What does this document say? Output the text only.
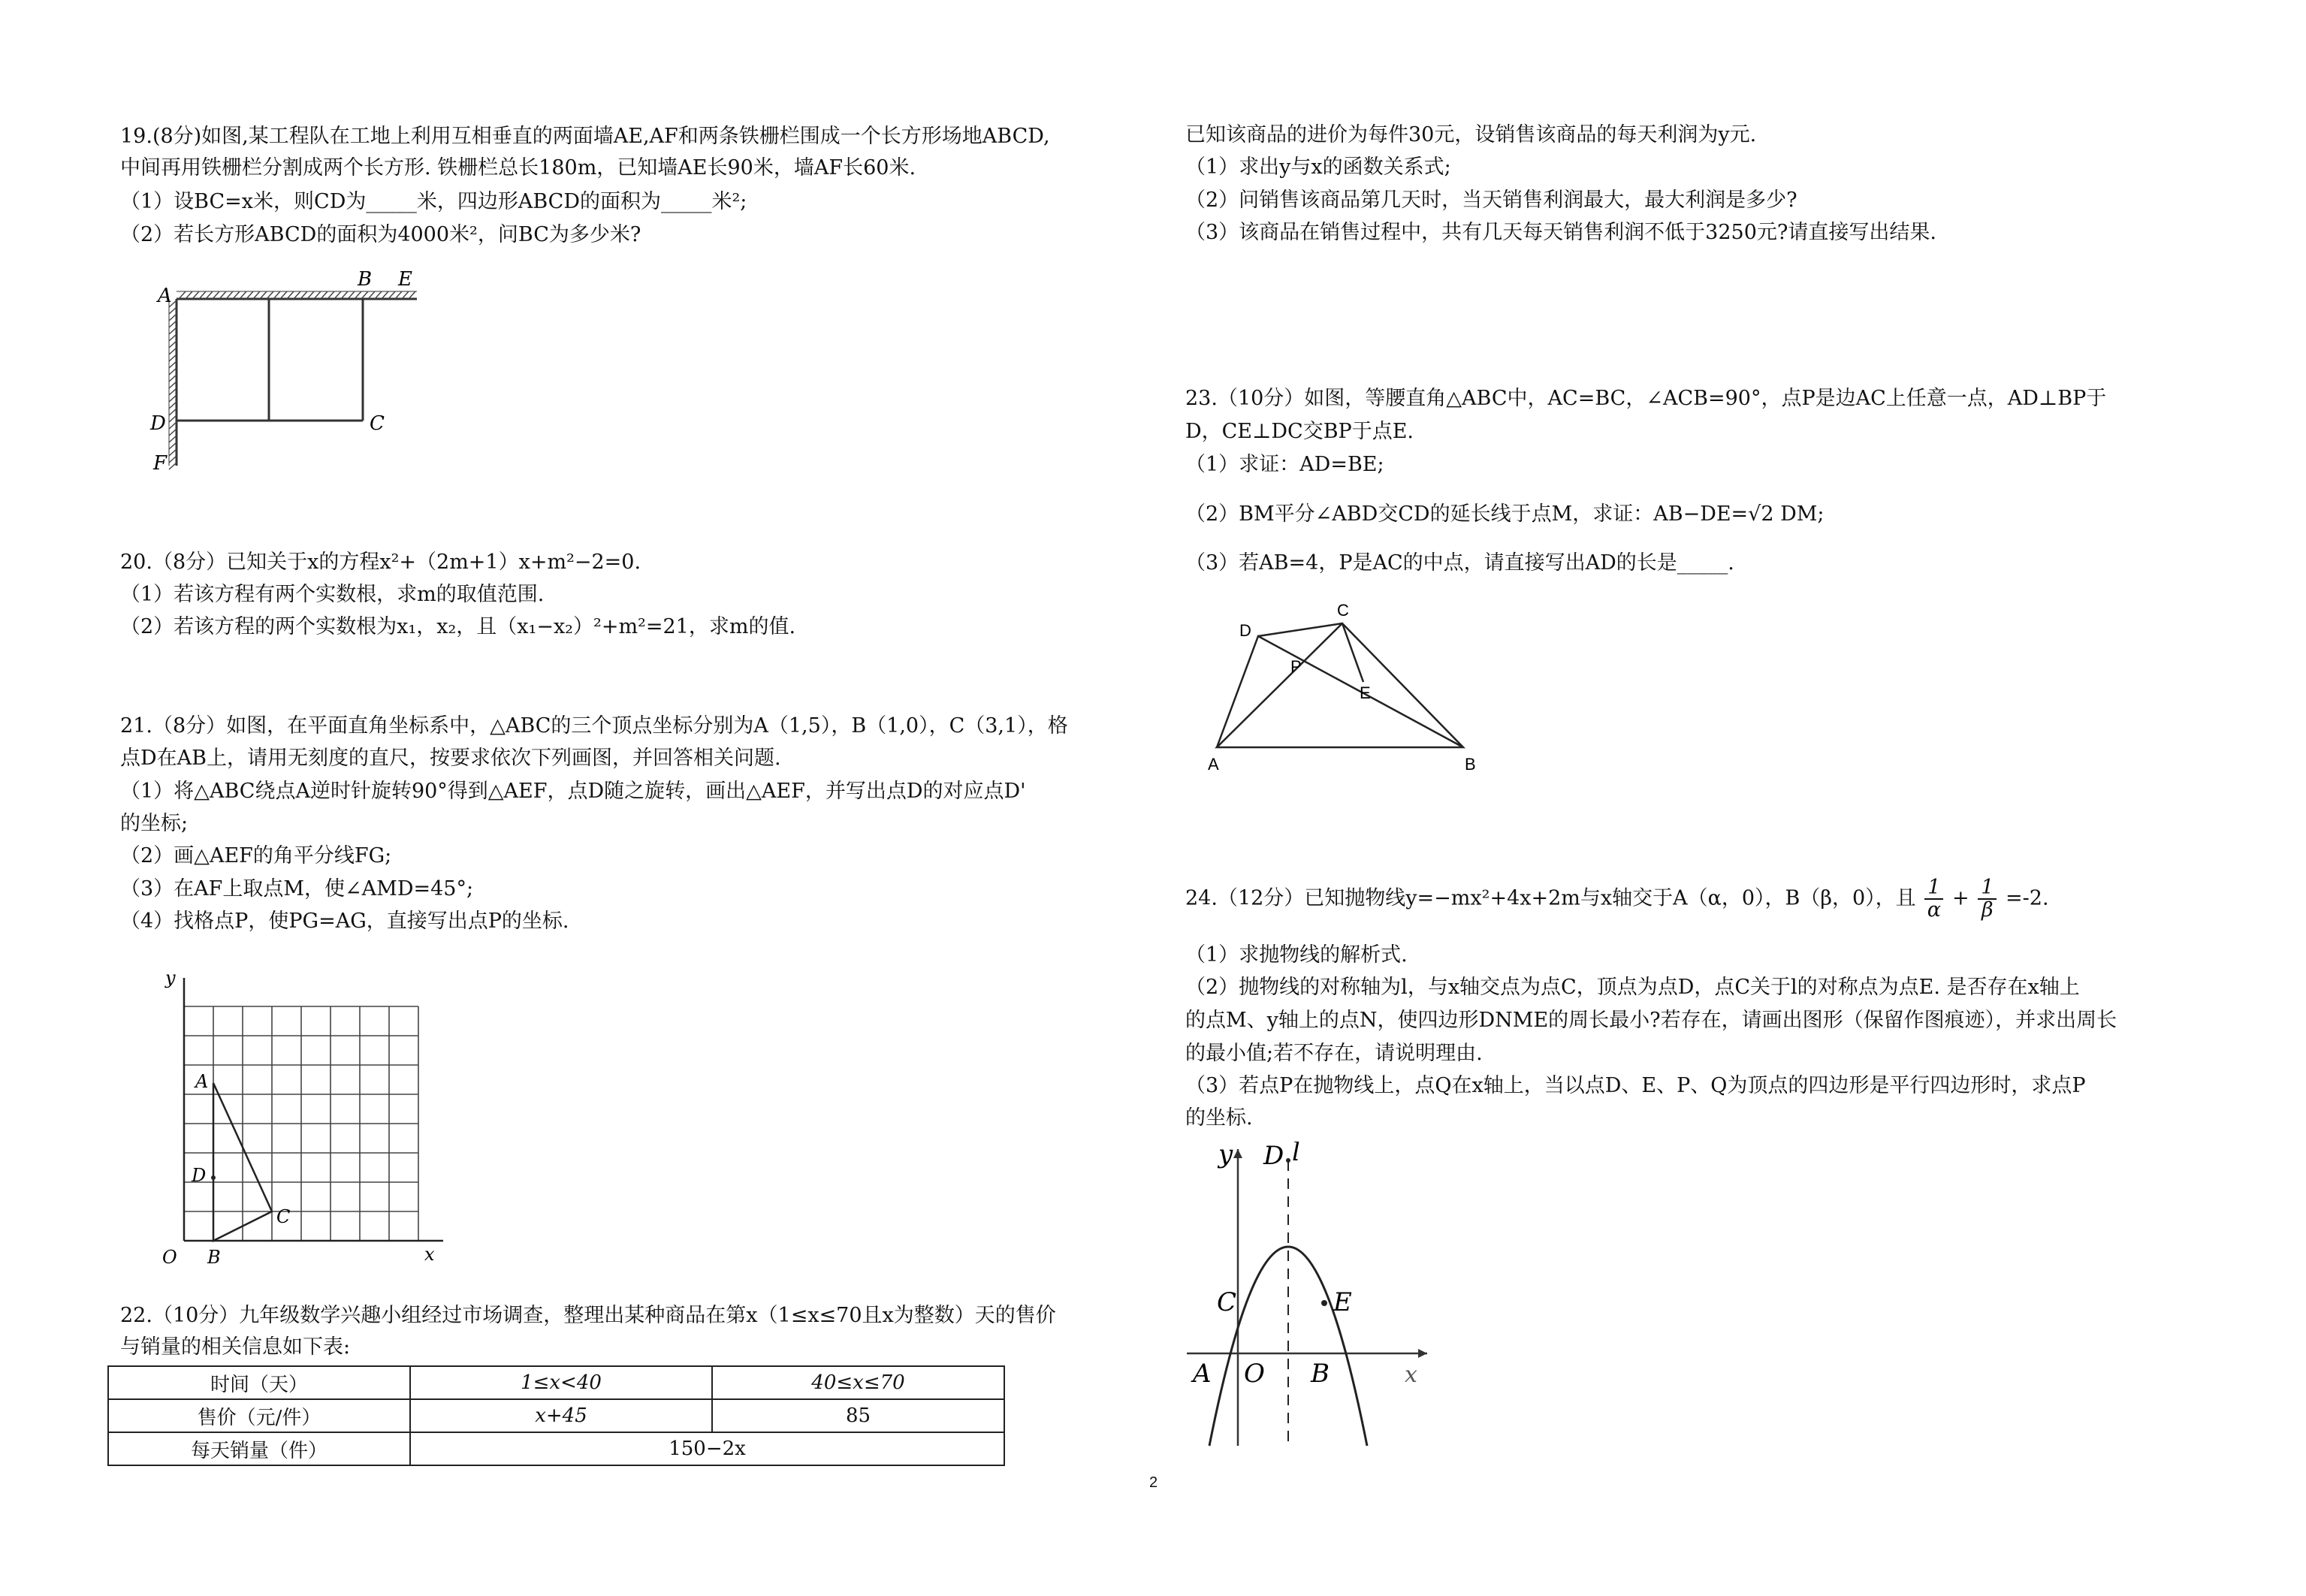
19.(8分)如图,某工程队在工地上利用互相垂直的两面墙AE,AF和两条铁栅栏围成一个长方形场地ABCD,
中间再用铁栅栏分割成两个长方形. 铁栅栏总长180m，已知墙AE长90米，墙AF长60米.
（1）设BC=x米，则CD为_____米，四边形ABCD的面积为_____米²;
（2）若长方形ABCD的面积为4000米²，问BC为多少米?
A
B E
D	C
F
20.（8分）已知关于x的方程x²+（2m+1）x+m²−2=0.
（1）若该方程有两个实数根，求m的取值范围.
（2）若该方程的两个实数根为x₁，x₂，且（x₁−x₂）²+m²=21，求m的值.
21.（8分）如图，在平面直角坐标系中，△ABC的三个顶点坐标分别为A（1,5），B（1,0），C（3,1），格
点D在AB上，请用无刻度的直尺，按要求依次下列画图，并回答相关问题.
（1）将△ABC绕点A逆时针旋转90°得到△AEF，点D随之旋转，画出△AEF，并写出点D的对应点D'
的坐标;
（2）画△AEF的角平分线FG;
（3）在AF上取点M，使∠AMD=45°;
（4）找格点P，使PG=AG，直接写出点P的坐标.
y
x
O
A
B
C
D
22.（10分）九年级数学兴趣小组经过市场调查，整理出某种商品在第x（1≤x≤70且x为整数）天的售价
与销量的相关信息如下表:
时间（天）	1≤x<40	40≤x≤70
售价（元/件）	x+45	85
每天销量（件）	150−2x	
已知该商品的进价为每件30元，设销售该商品的每天利润为y元.
（1）求出y与x的函数关系式;
（2）问销售该商品第几天时，当天销售利润最大，最大利润是多少?
（3）该商品在销售过程中，共有几天每天销售利润不低于3250元?请直接写出结果.
23.（10分）如图，等腰直角△ABC中，AC=BC，∠ACB=90°，点P是边AC上任意一点，AD⊥BP于
D，CE⊥DC交BP于点E.
（1）求证：AD=BE;
（2）BM平分∠ABD交CD的延长线于点M，求证：AB−DE=√2 DM;
（3）若AB=4，P是AC的中点，请直接写出AD的长是_____.
A	B
C
D
P
E
24.（12分）已知抛物线y=−mx²+4x+2m与x轴交于A（α，0），B（β，0），且 $\frac{1}{\alpha} + \frac{1}{\beta} =-2$.
（1）求抛物线的解析式.
（2）抛物线的对称轴为l，与x轴交点为点C，顶点为点D，点C关于l的对称点为点E. 是否存在x轴上
的点M、y轴上的点N，使四边形DNME的周长最小?若存在，请画出图形（保留作图痕迹），并求出周长
的最小值;若不存在，请说明理由.
（3）若点P在抛物线上，点Q在x轴上，当以点D、E、P、Q为顶点的四边形是平行四边形时，求点P
的坐标.
y D l
C	E
A O B	x
2
